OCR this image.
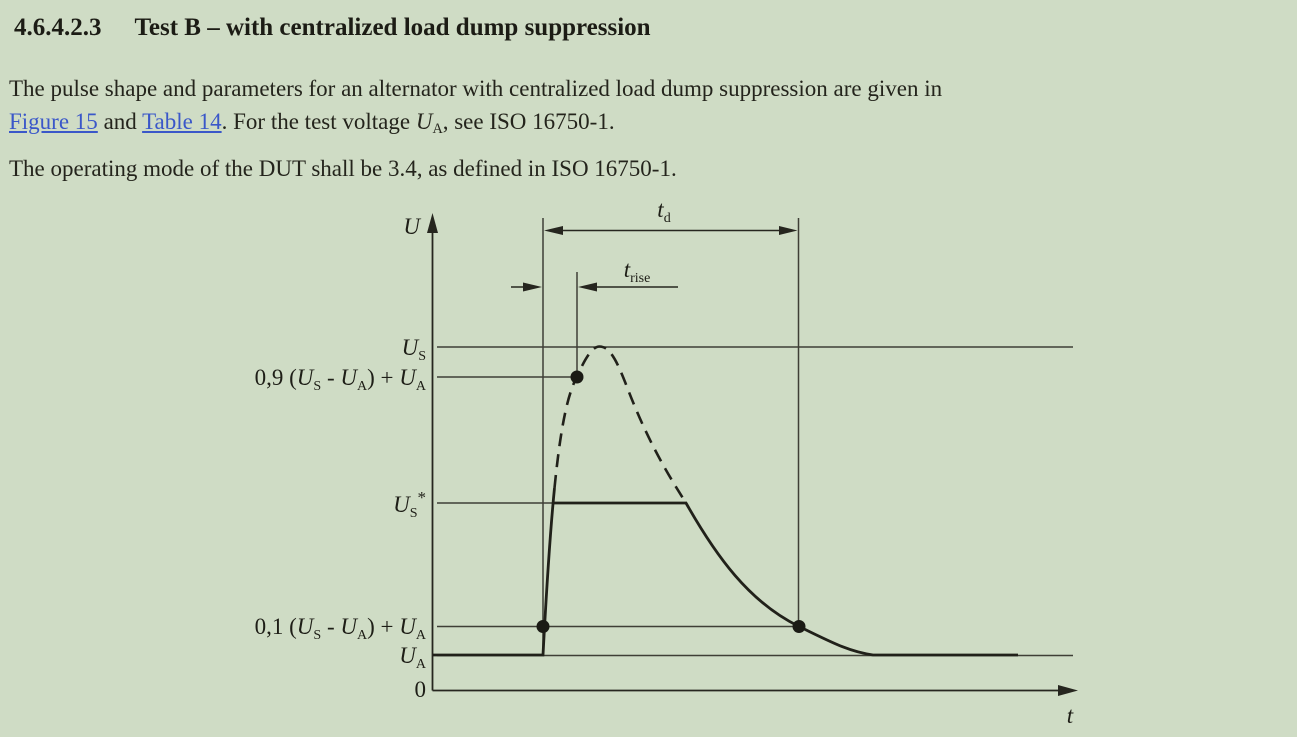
4.6.4.2.3 Test B – with centralized load dump suppression
The pulse shape and parameters for an alternator with centralized load dump suppression are given in
Figure 15 and Table 14. For the test voltage $U_A$, see ISO 16750-1.
The operating mode of the DUT shall be 3.4, as defined in ISO 16750-1.
U
t
0
$U_S$
0,9 $(U_S - U_A) + U_A$
$U_S^*$
0,1 $(U_S - U_A) + U_A$
$U_A$
$t_d$
$t_{rise}$
